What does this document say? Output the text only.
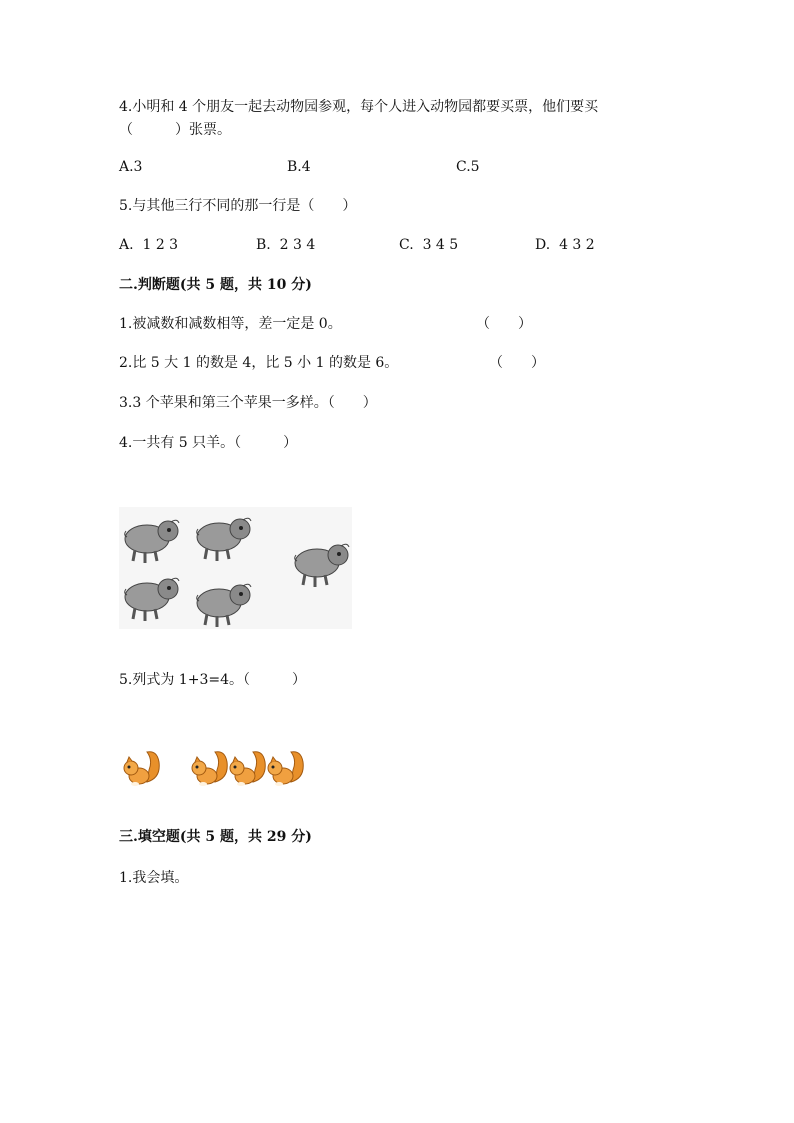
4.小明和 4 个朋友一起去动物园参观，每个人进入动物园都要买票，他们要买
（　　　）张票。
A.3	B.4	C.5
5.与其他三行不同的那一行是（　　）
A.  1 2 3	B.  2 3 4	C.  3 4 5	D.  4 3 2
二.判断题(共 5 题，共 10 分)
1.被减数和减数相等，差一定是 0。	（　　）
2.比 5 大 1 的数是 4，比 5 小 1 的数是 6。	（　　）
3.3 个苹果和第三个苹果一多样。（　　）
4.一共有 5 只羊。（　　　）
5.列式为 1+3=4。（　　　）
三.填空题(共 5 题，共 29 分)
1.我会填。
